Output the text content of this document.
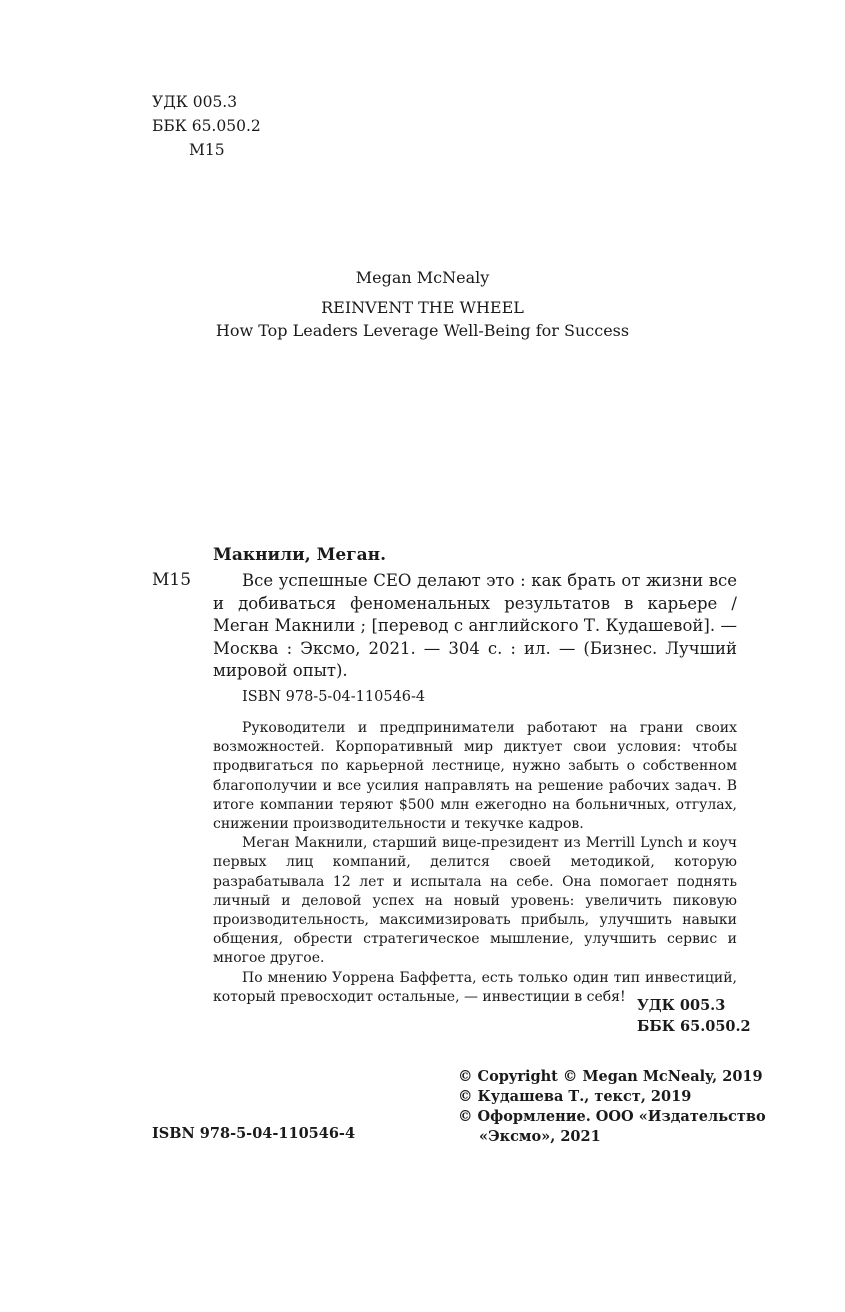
УДК 005.3
ББК 65.050.2
М15
Megan McNealy
REINVENT THE WHEEL
How Top Leaders Leverage Well-Being for Success
Макнили, Меган.
М15	Все успешные CEO делают это : как брать от жизни все и добиваться феноменальных результатов в карьере / Меган Макнили ; [перевод с английского Т. Кудашевой]. — Москва : Эксмо, 2021. — 304 с. : ил. — (Бизнес. Лучший мировой опыт).

ISBN 978-5-04-110546-4

Руководители и предприниматели работают на грани своих возможностей. Корпоративный мир диктует свои условия: чтобы продвигаться по карьерной лестнице, нужно забыть о собственном благополучии и все усилия направлять на решение рабочих задач. В итоге компании теряют $500 млн ежегодно на больничных, отгулах, снижении производительности и текучке кадров.

Меган Макнили, старший вице-президент из Merrill Lynch и коуч первых лиц компаний, делится своей методикой, которую разрабатывала 12 лет и испытала на себе. Она помогает поднять личный и деловой успех на новый уровень: увеличить пиковую производительность, максимизировать прибыль, улучшить навыки общения, обрести стратегическое мышление, улучшить сервис и многое другое.

По мнению Уоррена Баффетта, есть только один тип инвестиций, который превосходит остальные, — инвестиции в себя!

УДК 005.3
ББК 65.050.2
© Copyright © Megan McNealy, 2019
© Кудашева Т., текст, 2019
© Оформление. ООО «Издательство
«Эксмо», 2021
ISBN 978-5-04-110546-4
